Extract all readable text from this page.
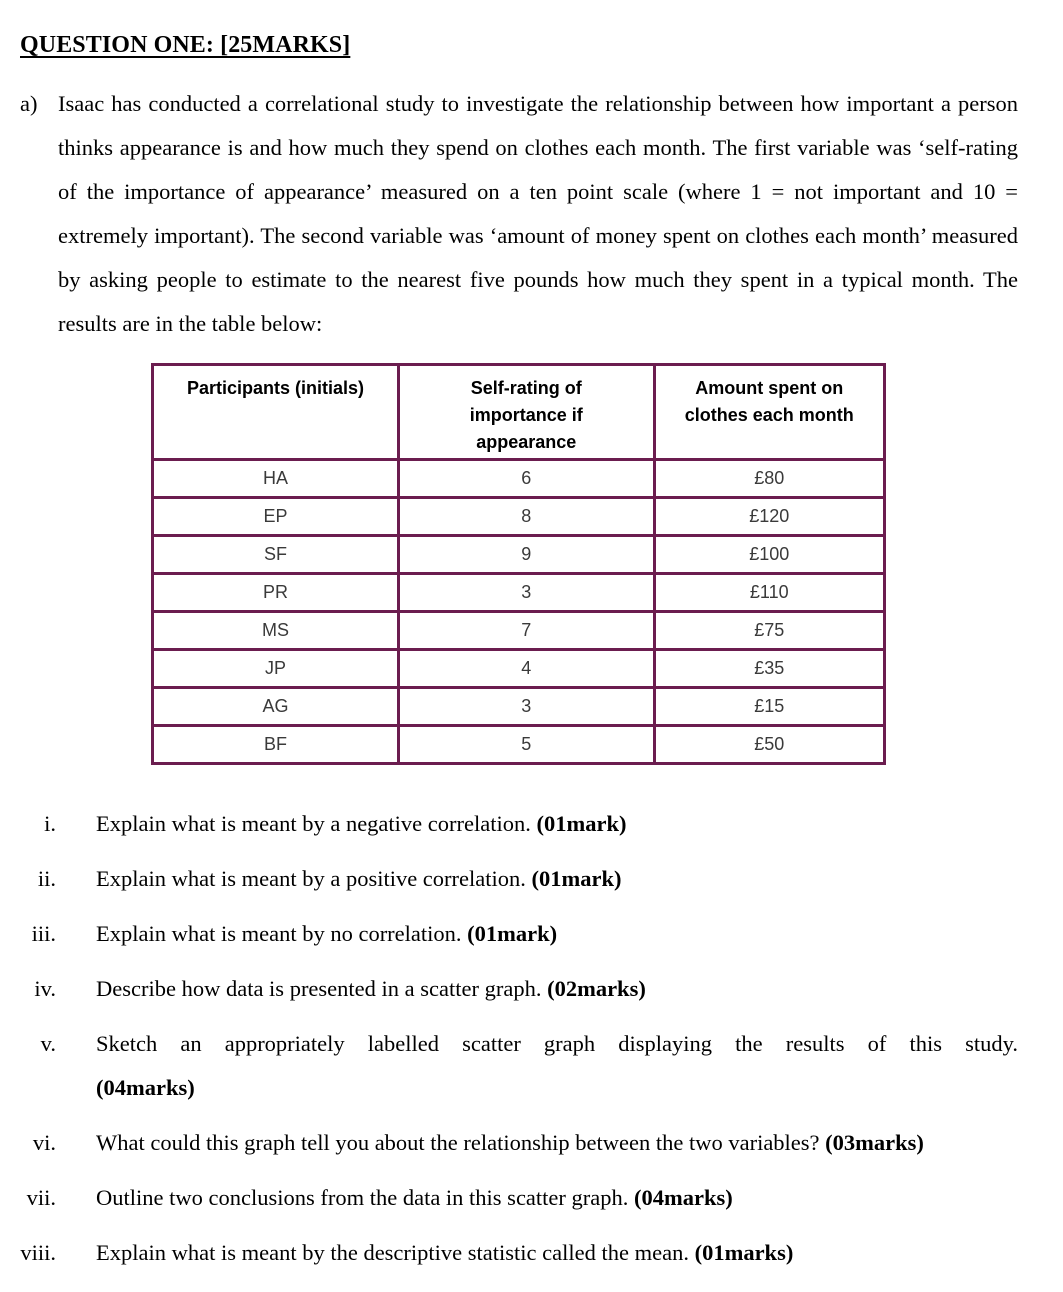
QUESTION ONE: [25MARKS]
a) Isaac has conducted a correlational study to investigate the relationship between how important a person thinks appearance is and how much they spend on clothes each month. The first variable was ‘self-rating of the importance of appearance’ measured on a ten point scale (where 1 = not important and 10 = extremely important). The second variable was ‘amount of money spent on clothes each month’ measured by asking people to estimate to the nearest five pounds how much they spent in a typical month. The results are in the table below:
Participants (initials)	Self-rating of importance if appearance	Amount spent on clothes each month

HA	6	£80
EP	8	£120
SF	9	£100
PR	3	£110
MS	7	£75
JP	4	£35
AG	3	£15
BF	5	£50
i. Explain what is meant by a negative correlation. (01mark)
ii. Explain what is meant by a positive correlation. (01mark)
iii. Explain what is meant by no correlation. (01mark)
iv. Describe how data is presented in a scatter graph. (02marks)
v. Sketch an appropriately labelled scatter graph displaying the results of this study.
(04marks)
vi. What could this graph tell you about the relationship between the two variables? (03marks)
vii. Outline two conclusions from the data in this scatter graph. (04marks)
viii. Explain what is meant by the descriptive statistic called the mean. (01marks)
